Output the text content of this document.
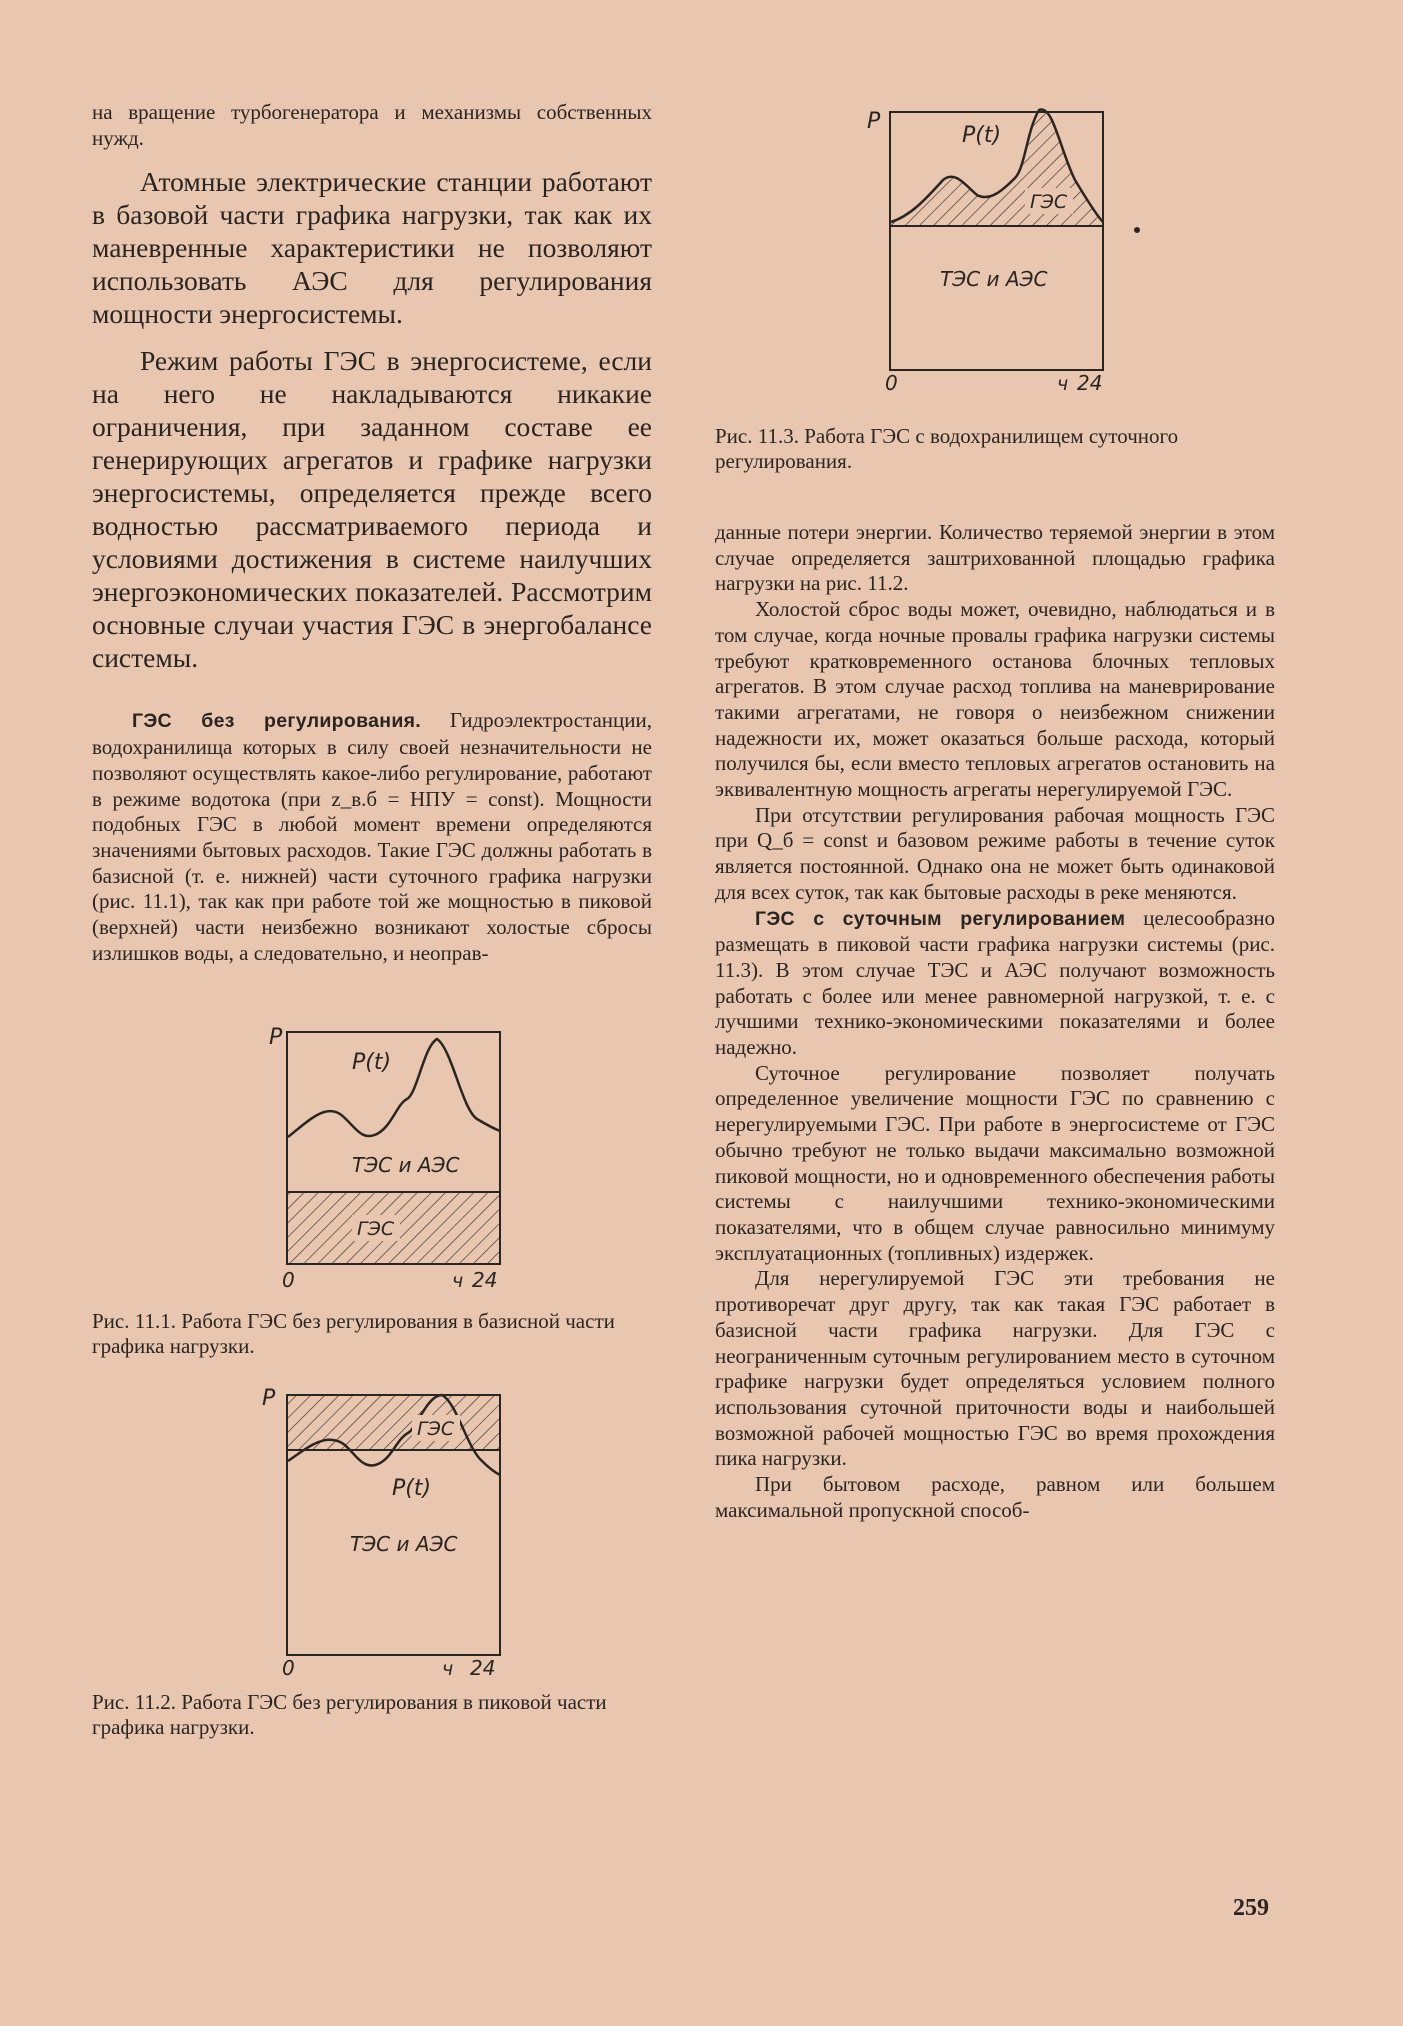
на вращение турбогенератора и механизмы собственных нужд.

Атомные электрические станции работают в базовой части графика нагрузки, так как их маневренные характеристики не позволяют использовать АЭС для регулирования мощности энергосистемы.

Режим работы ГЭС в энергосистеме, если на него не накладываются никакие ограничения, при заданном составе ее генерирующих агрегатов и графике нагрузки энергосистемы, определяется прежде всего водностью рассматриваемого периода и условиями достижения в системе наилучших энергоэкономических показателей. Рассмотрим основные случаи участия ГЭС в энергобалансе системы.

ГЭС без регулирования. Гидроэлектростанции, водохранилища которых в силу своей незначительности не позволяют осуществлять какое-либо регулирование, работают в режиме водотока (при z_в.б = НПУ = const). Мощности подобных ГЭС в любой момент времени определяются значениями бытовых расходов. Такие ГЭС должны работать в базисной (т. е. нижней) части суточного графика нагрузки (рис. 11.1), так как при работе той же мощностью в пиковой (верхней) части неизбежно возникают холостые сбросы излишков воды, а следовательно, и неоправ-

P
P(t)
ТЭС и АЭС
ГЭС
0	ч 24

Рис. 11.1. Работа ГЭС без регулирования в базисной части графика нагрузки.

P
ГЭС
P(t)
ТЭС и АЭС
0	ч 24

Рис. 11.2. Работа ГЭС без регулирования в пиковой части графика нагрузки.

P
P(t)
ГЭС
ТЭС и АЭС
0	ч 24

Рис. 11.3. Работа ГЭС с водохранилищем суточного регулирования.

данные потери энергии. Количество теряемой энергии в этом случае определяется заштрихованной площадью графика нагрузки на рис. 11.2.

Холостой сброс воды может, очевидно, наблюдаться и в том случае, когда ночные провалы графика нагрузки системы требуют кратковременного останова блочных тепловых агрегатов. В этом случае расход топлива на маневрирование такими агрегатами, не говоря о неизбежном снижении надежности их, может оказаться больше расхода, который получился бы, если вместо тепловых агрегатов остановить на эквивалентную мощность агрегаты нерегулируемой ГЭС.

При отсутствии регулирования рабочая мощность ГЭС при Q_б = const и базовом режиме работы в течение суток является постоянной. Однако она не может быть одинаковой для всех суток, так как бытовые расходы в реке меняются.

ГЭС с суточным регулированием целесообразно размещать в пиковой части графика нагрузки системы (рис. 11.3). В этом случае ТЭС и АЭС получают возможность работать с более или менее равномерной нагрузкой, т. е. с лучшими технико-экономическими показателями и более надежно.

Суточное регулирование позволяет получать определенное увеличение мощности ГЭС по сравнению с нерегулируемыми ГЭС. При работе в энергосистеме от ГЭС обычно требуют не только выдачи максимально возможной пиковой мощности, но и одновременного обеспечения работы системы с наилучшими технико-экономическими показателями, что в общем случае равносильно минимуму эксплуатационных (топливных) издержек.

Для нерегулируемой ГЭС эти требования не противоречат друг другу, так как такая ГЭС работает в базисной части графика нагрузки. Для ГЭС с неограниченным суточным регулированием место в суточном графике нагрузки будет определяться условием полного использования суточной приточности воды и наибольшей возможной рабочей мощностью ГЭС во время прохождения пика нагрузки.

При бытовом расходе, равном или большем максимальной пропускной способ-

259
